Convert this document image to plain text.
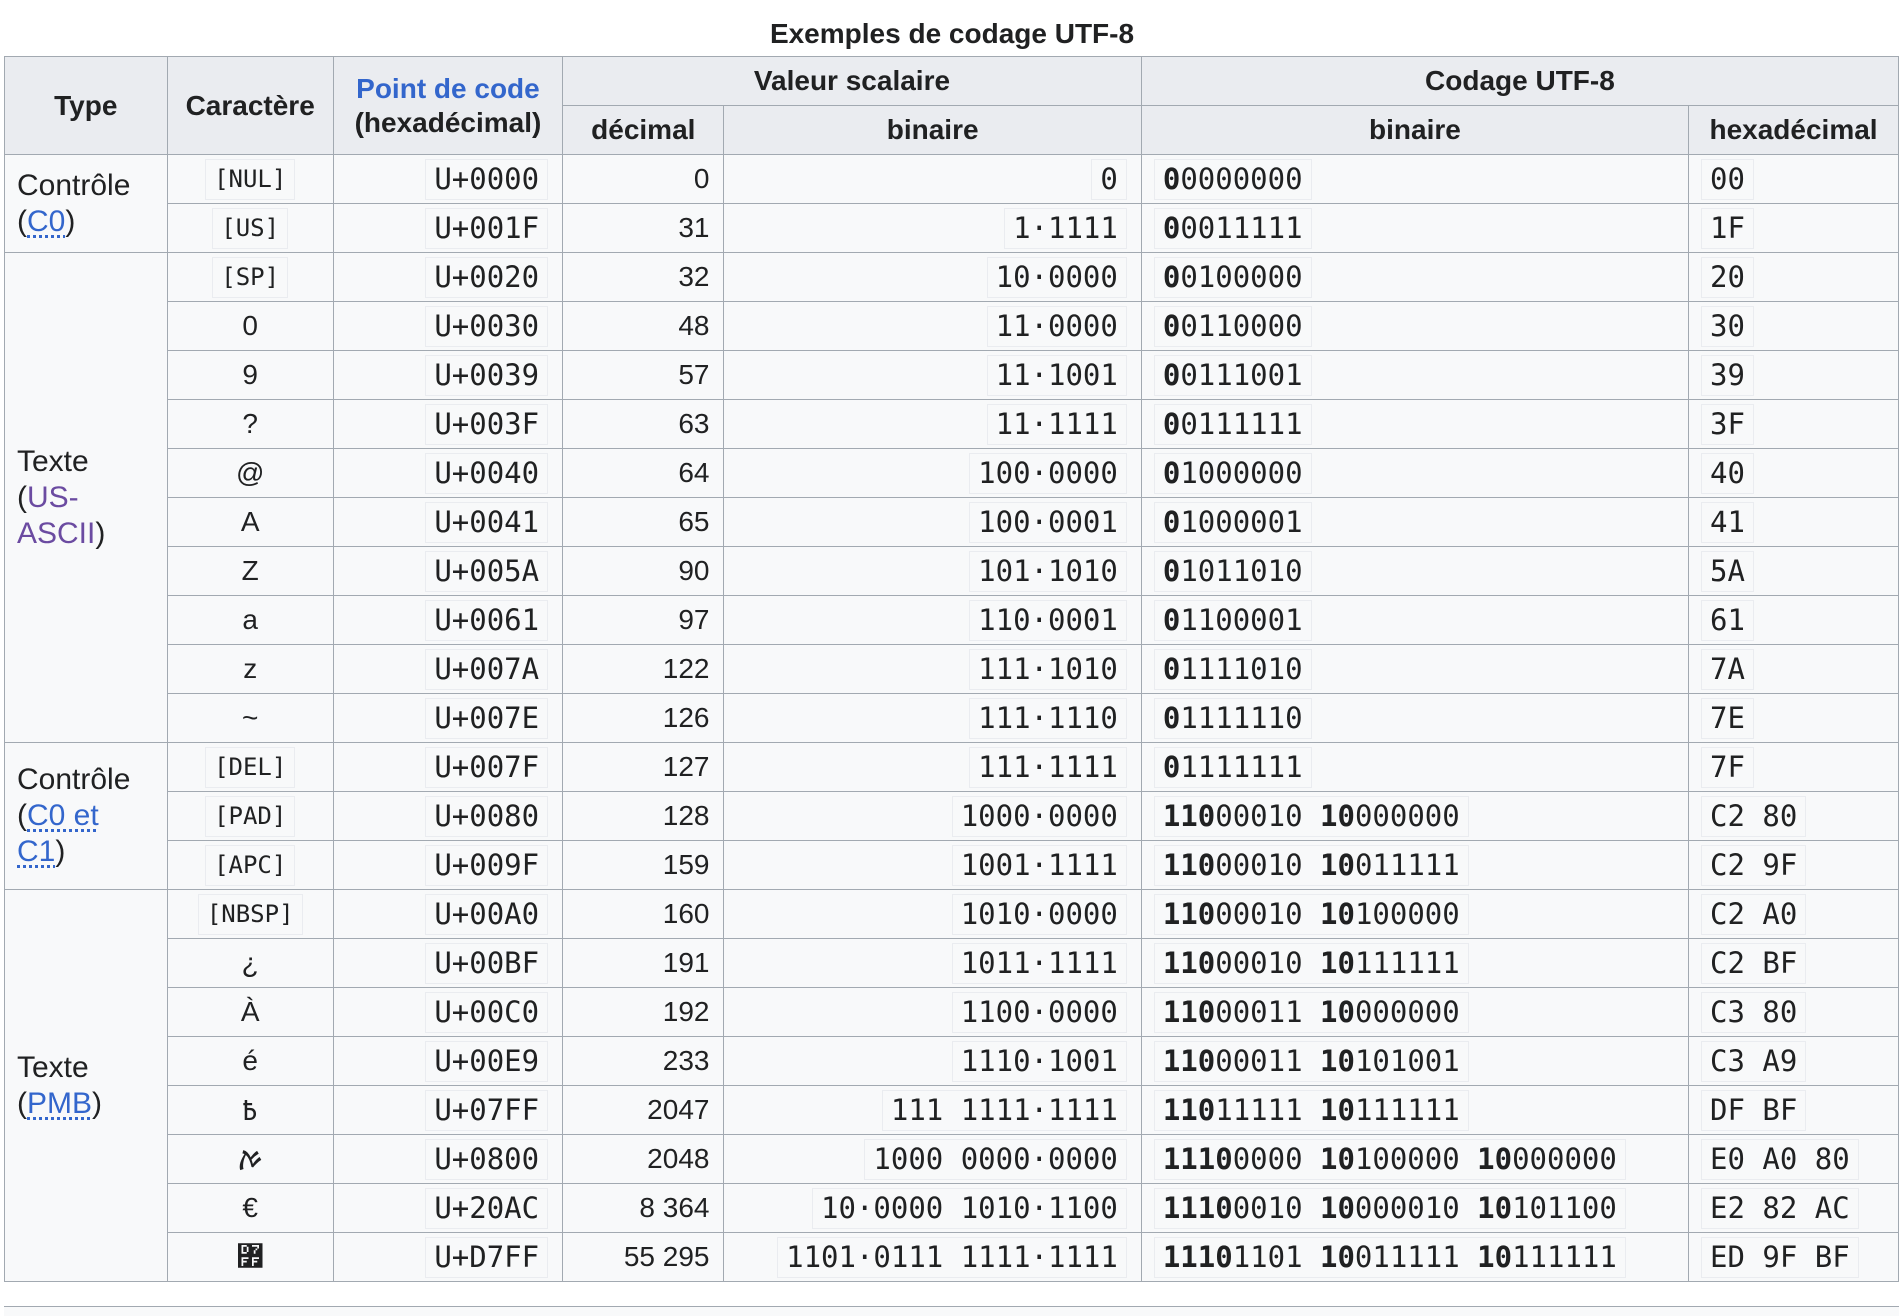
Exemples de codage UTF-8
Type	Caractère	Point de code
(hexadécimal)	Valeur scalaire		Codage UTF-8	
			décimal	binaire	binaire	hexadécimal
Contrôle
(C0)	[NUL]	U+0000	0	0	00000000	00
	[US]	U+001F	31	1·1111	00011111	1F
Texte
(US-ASCII)	[SP]	U+0020	32	10·0000	00100000	20
	0	U+0030	48	11·0000	00110000	30
	9	U+0039	57	11·1001	00111001	39
	?	U+003F	63	11·1111	00111111	3F
	@	U+0040	64	100·0000	01000000	40
	A	U+0041	65	100·0001	01000001	41
	Z	U+005A	90	101·1010	01011010	5A
	a	U+0061	97	110·0001	01100001	61
	z	U+007A	122	111·1010	01111010	7A
	~	U+007E	126	111·1110	01111110	7E
Contrôle
(C0 et C1)	[DEL]	U+007F	127	111·1111	01111111	7F
	[PAD]	U+0080	128	1000·0000	11000010 10000000	C2 80
	[APC]	U+009F	159	1001·1111	11000010 10011111	C2 9F
Texte
(PMB)	[NBSP]	U+00A0	160	1010·0000	11000010 10100000	C2 A0
	¿	U+00BF	191	1011·1111	11000010 10111111	C2 BF
	À	U+00C0	192	1100·0000	11000011 10000000	C3 80
	é	U+00E9	233	1110·1001	11000011 10101001	C3 A9
	߿	U+07FF	2047	111 1111·1111	11011111 10111111	DF BF
	ࠀ	U+0800	2048	1000 0000·0000	11100000 10100000 10000000	E0 A0 80
	€	U+20AC	8 364	10·0000 1010·1100	11100010 10000010 10101100	E2 82 AC
	퟿	U+D7FF	55 295	1101·0111 1111·1111	11101101 10011111 10111111	ED 9F BF
